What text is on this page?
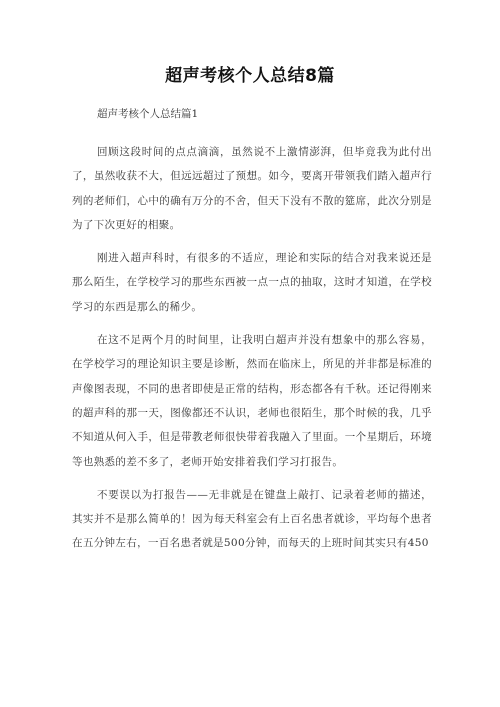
超声考核个人总结8篇

超声考核个人总结篇1

回顾这段时间的点点滴滴，虽然说不上激情澎湃，但毕竟我为此付出了，虽然收获不大，但远远超过了预想。如今，要离开带领我们踏入超声行列的老师们，心中的确有万分的不舍，但天下没有不散的筵席，此次分别是为了下次更好的相聚。

刚进入超声科时，有很多的不适应，理论和实际的结合对我来说还是那么陌生，在学校学习的那些东西被一点一点的抽取，这时才知道，在学校学习的东西是那么的稀少。

在这不足两个月的时间里，让我明白超声并没有想象中的那么容易，在学校学习的理论知识主要是诊断，然而在临床上，所见的并非都是标准的声像图表现，不同的患者即使是正常的结构，形态都各有千秋。还记得刚来的超声科的那一天，图像都还不认识，老师也很陌生，那个时候的我，几乎不知道从何入手，但是带教老师很快带着我融入了里面。一个星期后，环境等也熟悉的差不多了，老师开始安排着我们学习打报告。

不要误以为打报告——无非就是在键盘上敲打、记录着老师的描述，其实并不是那么简单的！因为每天科室会有上百名患者就诊，平均每个患者在五分钟左右，一百名患者就是500分钟，而每天的上班时间其实只有450
